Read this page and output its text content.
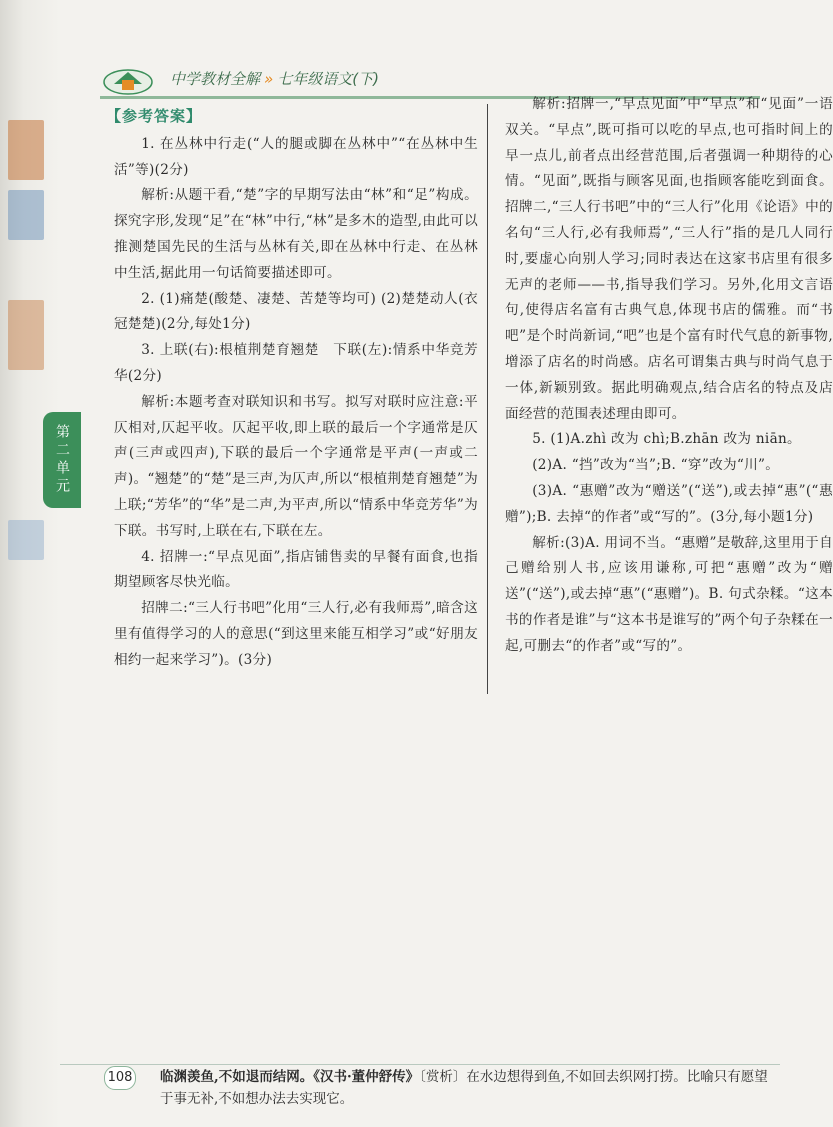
中学教材全解 » 七年级语文(下)
【参考答案】

1. 在丛林中行走(“人的腿或脚在丛林中”“在丛林中生活”等)(2分)

解析:从题干看,“楚”字的早期写法由“林”和“足”构成。探究字形,发现“足”在“林”中行,“林”是多木的造型,由此可以推测楚国先民的生活与丛林有关,即在丛林中行走、在丛林中生活,据此用一句话简要描述即可。

2. (1)痛楚(酸楚、凄楚、苦楚等均可) (2)楚楚动人(衣冠楚楚)(2分,每处1分)

3. 上联(右):根植荆楚育翘楚　下联(左):情系中华竞芳华(2分)

解析:本题考查对联知识和书写。拟写对联时应注意:平仄相对,仄起平收。仄起平收,即上联的最后一个字通常是仄声(三声或四声),下联的最后一个字通常是平声(一声或二声)。“翘楚”的“楚”是三声,为仄声,所以“根植荆楚育翘楚”为上联;“芳华”的“华”是二声,为平声,所以“情系中华竞芳华”为下联。书写时,上联在右,下联在左。

4. 招牌一:“早点见面”,指店铺售卖的早餐有面食,也指期望顾客尽快光临。

招牌二:“三人行书吧”化用“三人行,必有我师焉”,暗含这里有值得学习的人的意思(“到这里来能互相学习”或“好朋友相约一起来学习”)。(3分)

解析:招牌一,“早点见面”中“早点”和“见面”一语双关。“早点”,既可指可以吃的早点,也可指时间上的早一点儿,前者点出经营范围,后者强调一种期待的心情。“见面”,既指与顾客见面,也指顾客能吃到面食。招牌二,“三人行书吧”中的“三人行”化用《论语》中的名句“三人行,必有我师焉”,“三人行”指的是几人同行时,要虚心向别人学习;同时表达在这家书店里有很多无声的老师——书,指导我们学习。另外,化用文言语句,使得店名富有古典气息,体现书店的儒雅。而“书吧”是个时尚新词,“吧”也是个富有时代气息的新事物,增添了店名的时尚感。店名可谓集古典与时尚气息于一体,新颖别致。据此明确观点,结合店名的特点及店面经营的范围表述理由即可。

5. (1)A.zhì 改为 chì;B.zhān 改为 niān。

(2)A. “挡”改为“当”;B. “穿”改为“川”。

(3)A. “惠赠”改为“赠送”(“送”),或去掉“惠”(“惠赠”);B. 去掉“的作者”或“写的”。(3分,每小题1分)

解析:(3)A. 用词不当。“惠赠”是敬辞,这里用于自己赠给别人书,应该用谦称,可把“惠赠”改为“赠送”(“送”),或去掉“惠”(“惠赠”)。B. 句式杂糅。“这本书的作者是谁”与“这本书是谁写的”两个句子杂糅在一起,可删去“的作者”或“写的”。

第二单元
108 临渊羡鱼,不如退而结网。《汉书·董仲舒传》〔赏析〕在水边想得到鱼,不如回去织网打捞。比喻只有愿望于事无补,不如想办法去实现它。
